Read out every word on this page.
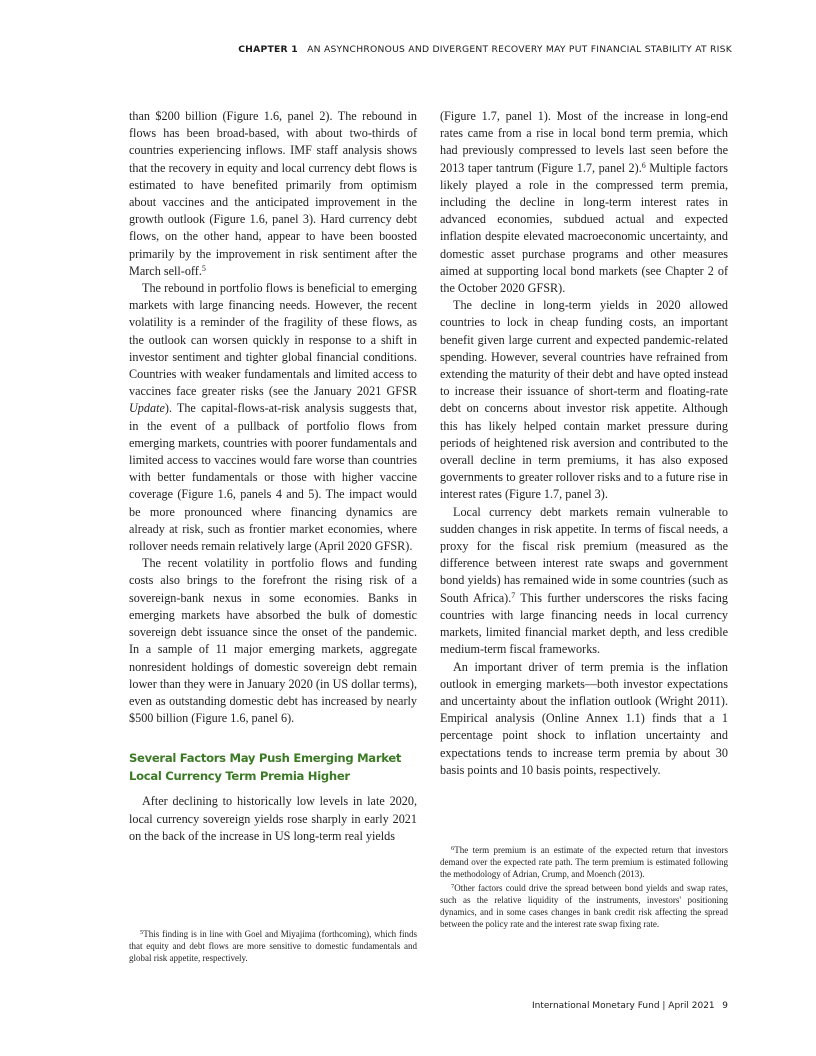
CHAPTER 1 AN ASYNCHRONOUS AND DIVERGENT RECOVERY MAY PUT FINANCIAL STABILITY AT RISK

than $200 billion (Figure 1.6, panel 2). The rebound in flows has been broad-based, with about two-thirds of countries experiencing inflows. IMF staff analysis shows that the recovery in equity and local currency debt flows is estimated to have benefited primarily from optimism about vaccines and the anticipated improvement in the growth outlook (Figure 1.6, panel 3). Hard currency debt flows, on the other hand, appear to have been boosted primarily by the improvement in risk sentiment after the March sell-off.$^5$

The rebound in portfolio flows is beneficial to emerging markets with large financing needs. However, the recent volatility is a reminder of the fragility of these flows, as the outlook can worsen quickly in response to a shift in investor sentiment and tighter global financial conditions. Countries with weaker fundamentals and limited access to vaccines face greater risks (see the January 2021 GFSR Update). The capital-flows-at-risk analysis suggests that, in the event of a pullback of portfolio flows from emerging markets, countries with poorer fundamentals and limited access to vaccines would fare worse than countries with better fundamentals or those with higher vaccine coverage (Figure 1.6, panels 4 and 5). The impact would be more pronounced where financing dynamics are already at risk, such as frontier market economies, where rollover needs remain relatively large (April 2020 GFSR).

The recent volatility in portfolio flows and funding costs also brings to the forefront the rising risk of a sovereign-bank nexus in some economies. Banks in emerging markets have absorbed the bulk of domestic sovereign debt issuance since the onset of the pandemic. In a sample of 11 major emerging markets, aggregate nonresident holdings of domestic sovereign debt remain lower than they were in January 2020 (in US dollar terms), even as outstanding domestic debt has increased by nearly $500 billion (Figure 1.6, panel 6).

Several Factors May Push Emerging Market Local Currency Term Premia Higher

After declining to historically low levels in late 2020, local currency sovereign yields rose sharply in early 2021 on the back of the increase in US long-term real yields

(Figure 1.7, panel 1). Most of the increase in long-end rates came from a rise in local bond term premia, which had previously compressed to levels last seen before the 2013 taper tantrum (Figure 1.7, panel 2).$^6$ Multiple factors likely played a role in the compressed term premia, including the decline in long-term interest rates in advanced economies, subdued actual and expected inflation despite elevated macroeconomic uncertainty, and domestic asset purchase programs and other measures aimed at supporting local bond markets (see Chapter 2 of the October 2020 GFSR).

The decline in long-term yields in 2020 allowed countries to lock in cheap funding costs, an important benefit given large current and expected pandemic-related spending. However, several countries have refrained from extending the maturity of their debt and have opted instead to increase their issuance of short-term and floating-rate debt on concerns about investor risk appetite. Although this has likely helped contain market pressure during periods of heightened risk aversion and contributed to the overall decline in term premiums, it has also exposed governments to greater rollover risks and to a future rise in interest rates (Figure 1.7, panel 3).

Local currency debt markets remain vulnerable to sudden changes in risk appetite. In terms of fiscal needs, a proxy for the fiscal risk premium (measured as the difference between interest rate swaps and government bond yields) has remained wide in some countries (such as South Africa).$^7$ This further underscores the risks facing countries with large financing needs in local currency markets, limited financial market depth, and less credible medium-term fiscal frameworks.

An important driver of term premia is the inflation outlook in emerging markets—both investor expectations and uncertainty about the inflation outlook (Wright 2011). Empirical analysis (Online Annex 1.1) finds that a 1 percentage point shock to inflation uncertainty and expectations tends to increase term premia by about 30 basis points and 10 basis points, respectively.

$^5$This finding is in line with Goel and Miyajima (forthcoming), which finds that equity and debt flows are more sensitive to domestic fundamentals and global risk appetite, respectively.

$^6$The term premium is an estimate of the expected return that investors demand over the expected rate path. The term premium is estimated following the methodology of Adrian, Crump, and Moench (2013).

$^7$Other factors could drive the spread between bond yields and swap rates, such as the relative liquidity of the instruments, investors' positioning dynamics, and in some cases changes in bank credit risk affecting the spread between the policy rate and the interest rate swap fixing rate.

International Monetary Fund | April 2021 9
